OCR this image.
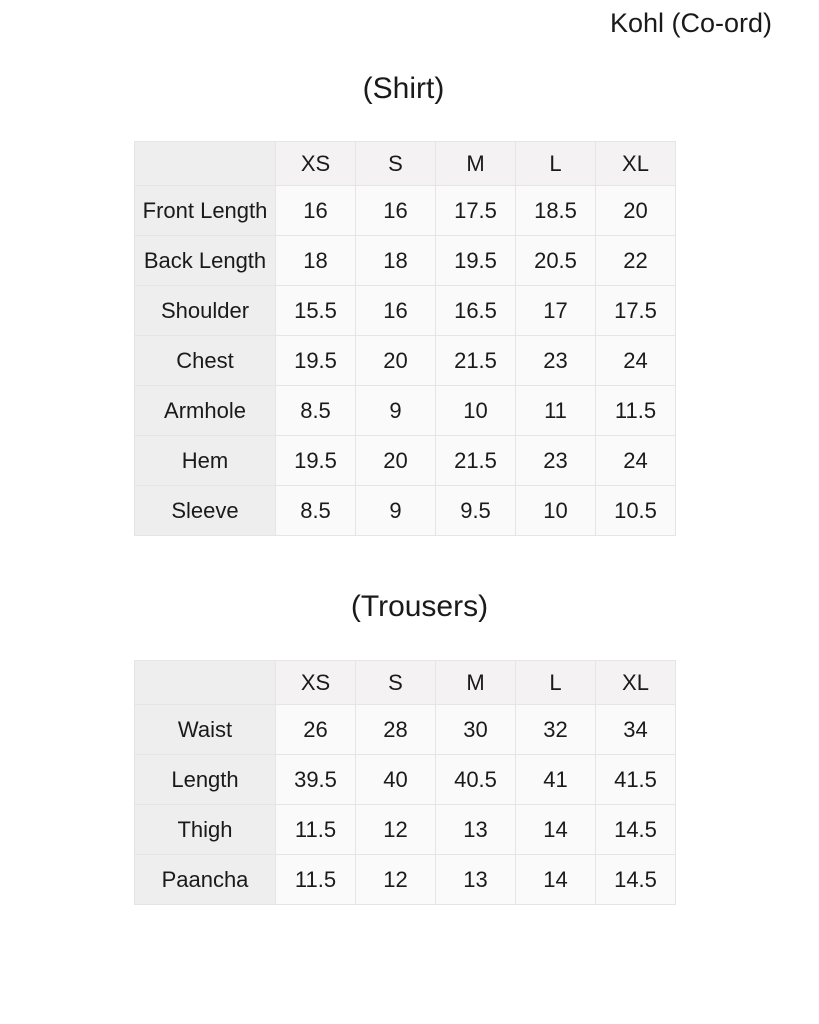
Kohl (Co-ord)
(Shirt)
	XS	S	M	L	XL
Front Length	16	16	17.5	18.5	20
Back Length	18	18	19.5	20.5	22
Shoulder	15.5	16	16.5	17	17.5
Chest	19.5	20	21.5	23	24
Armhole	8.5	9	10	11	11.5
Hem	19.5	20	21.5	23	24
Sleeve	8.5	9	9.5	10	10.5
(Trousers)
	XS	S	M	L	XL
Waist	26	28	30	32	34
Length	39.5	40	40.5	41	41.5
Thigh	11.5	12	13	14	14.5
Paancha	11.5	12	13	14	14.5
